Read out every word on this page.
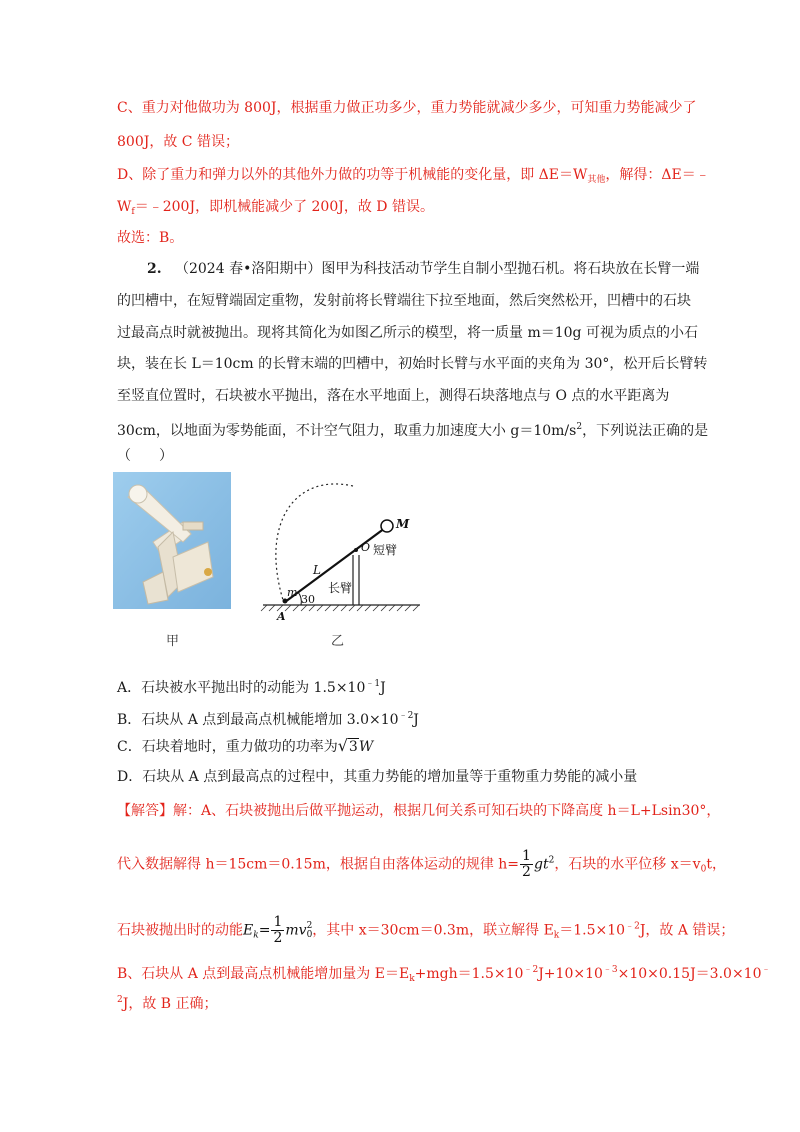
C、重力对他做功为 800J，根据重力做正功多少，重力势能就减少多少，可知重力势能减少了
800J，故 C 错误；
D、除了重力和弹力以外的其他外力做的功等于机械能的变化量，即 $\Delta E=W_{其他}$，解得：ΔE＝﹣
$W_f=﹣200J$，即机械能减少了 200J，故 D 错误。
故选：B。
2. （2024 春•洛阳期中）图甲为科技活动节学生自制小型抛石机。将石块放在长臂一端
的凹槽中，在短臂端固定重物，发射前将长臂端往下拉至地面，然后突然松开，凹槽中的石块
过最高点时就被抛出。现将其简化为如图乙所示的模型，将一质量 m＝10g 可视为质点的小石
块，装在长 L＝10cm 的长臂末端的凹槽中，初始时长臂与水平面的夹角为 30°，松开后长臂转
至竖直位置时，石块被水平抛出，落在水平地面上，测得石块落地点与 O 点的水平距离为
30cm，以地面为零势能面，不计空气阻力，取重力加速度大小 $g=10m/s^2$，下列说法正确的是
（　　）
甲
M
O 短臂
L
长臂
m
30
A
乙
A．石块被水平抛出时的动能为 $1.5\times 10^{﹣1}J$
B．石块从 A 点到最高点机械能增加 $3.0\times 10^{﹣2}J$
C．石块着地时，重力做功的功率为√3W
D．石块从 A 点到最高点的过程中，其重力势能的增加量等于重物重力势能的减小量
【解答】解：A、石块被抛出后做平抛运动，根据几何关系可知石块的下降高度 h＝L+Lsin30°，
代入数据解得 h＝15cm＝0.15m，根据自由落体运动的规律 $h= \frac{1}{2} gt^2$，石块的水平位移 $x=v_0t$，
石块被抛出时的动能$E_k= \frac{1}{2}$ mv 2
0 ，其中 x＝30cm＝0.3m，联立解得 $E_k=1.5\times 10^{﹣2}J$，故 A 错误；
B、石块从 A 点到最高点机械能增加量为 $E=E_k+mgh=1.5\times 10^{﹣2}J+10\times 10^{﹣3}\times 10\times 0.15J=3.0\times 10^﹣$
$^2$J，故 B 正确；
